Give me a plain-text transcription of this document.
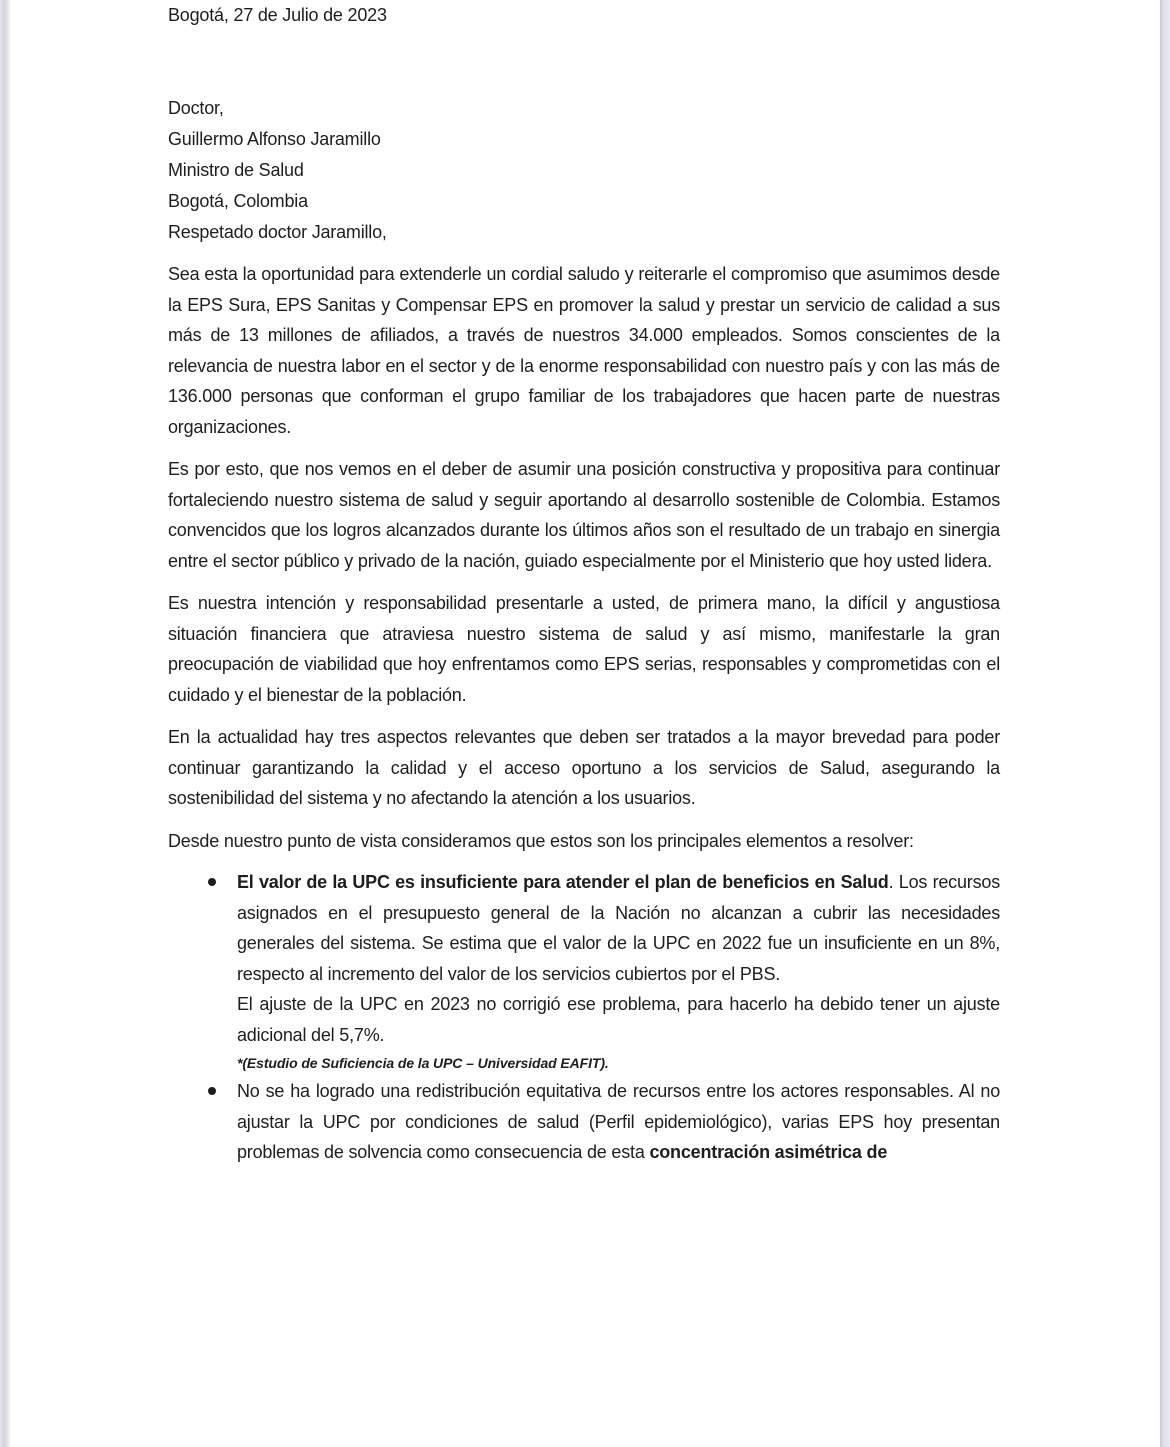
Bogotá, 27 de Julio de 2023

Doctor,

Guillermo Alfonso Jaramillo

Ministro de Salud

Bogotá, Colombia

Respetado doctor Jaramillo,

Sea esta la oportunidad para extenderle un cordial saludo y reiterarle el compromiso que asumimos desde la EPS Sura, EPS Sanitas y Compensar EPS en promover la salud y prestar un servicio de calidad a sus más de 13 millones de afiliados, a través de nuestros 34.000 empleados. Somos conscientes de la relevancia de nuestra labor en el sector y de la enorme responsabilidad con nuestro país y con las más de 136.000 personas que conforman el grupo familiar de los trabajadores que hacen parte de nuestras organizaciones.

Es por esto, que nos vemos en el deber de asumir una posición constructiva y propositiva para continuar fortaleciendo nuestro sistema de salud y seguir aportando al desarrollo sostenible de Colombia. Estamos convencidos que los logros alcanzados durante los últimos años son el resultado de un trabajo en sinergia entre el sector público y privado de la nación, guiado especialmente por el Ministerio que hoy usted lidera.

Es nuestra intención y responsabilidad presentarle a usted, de primera mano, la difícil y angustiosa situación financiera que atraviesa nuestro sistema de salud y así mismo, manifestarle la gran preocupación de viabilidad que hoy enfrentamos como EPS serias, responsables y comprometidas con el cuidado y el bienestar de la población.

En la actualidad hay tres aspectos relevantes que deben ser tratados a la mayor brevedad para poder continuar garantizando la calidad y el acceso oportuno a los servicios de Salud, asegurando la sostenibilidad del sistema y no afectando la atención a los usuarios.

Desde nuestro punto de vista consideramos que estos son los principales elementos a resolver:

El valor de la UPC es insuficiente para atender el plan de beneficios en Salud. Los recursos asignados en el presupuesto general de la Nación no alcanzan a cubrir las necesidades generales del sistema. Se estima que el valor de la UPC en 2022 fue un insuficiente en un 8%, respecto al incremento del valor de los servicios cubiertos por el PBS.

El ajuste de la UPC en 2023 no corrigió ese problema, para hacerlo ha debido tener un ajuste adicional del 5,7%.

*(Estudio de Suficiencia de la UPC – Universidad EAFIT).

No se ha logrado una redistribución equitativa de recursos entre los actores responsables. Al no ajustar la UPC por condiciones de salud (Perfil epidemiológico), varias EPS hoy presentan problemas de solvencia como consecuencia de esta concentración asimétrica de
